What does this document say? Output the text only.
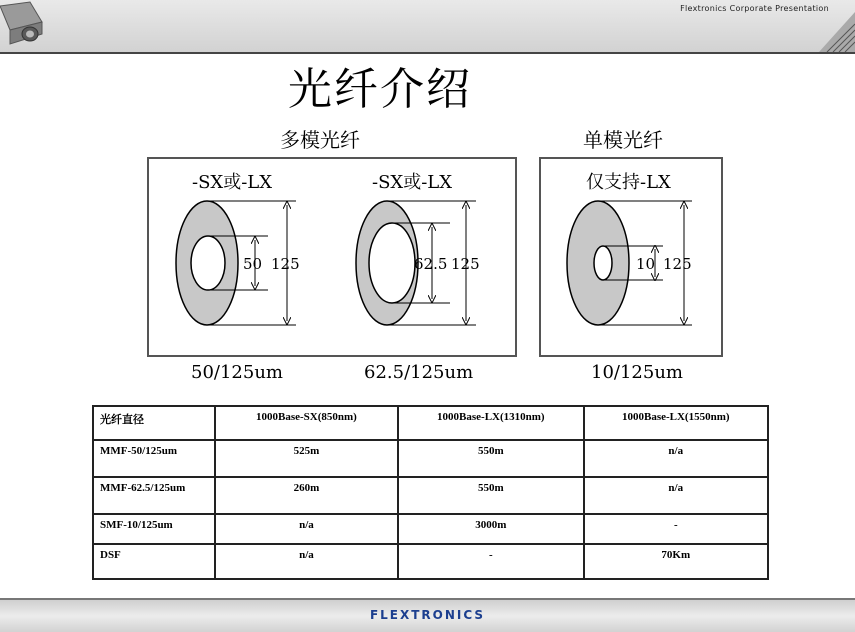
Flextronics Corporate Presentation
光纤介绍
多模光纤	单模光纤
-SX或-LX	-SX或-LX	仅支持-LX
50 125	62.5 125	10 125
50/125um	62.5/125um	10/125um
光纤直径	1000Base-SX(850nm)	1000Base-LX(1310nm)	1000Base-LX(1550nm)
MMF-50/125um	525m	550m	n/a
MMF-62.5/125um	260m	550m	n/a
SMF-10/125um	n/a	3000m	-
DSF	n/a	-	70Km
FLEXTRONICS
